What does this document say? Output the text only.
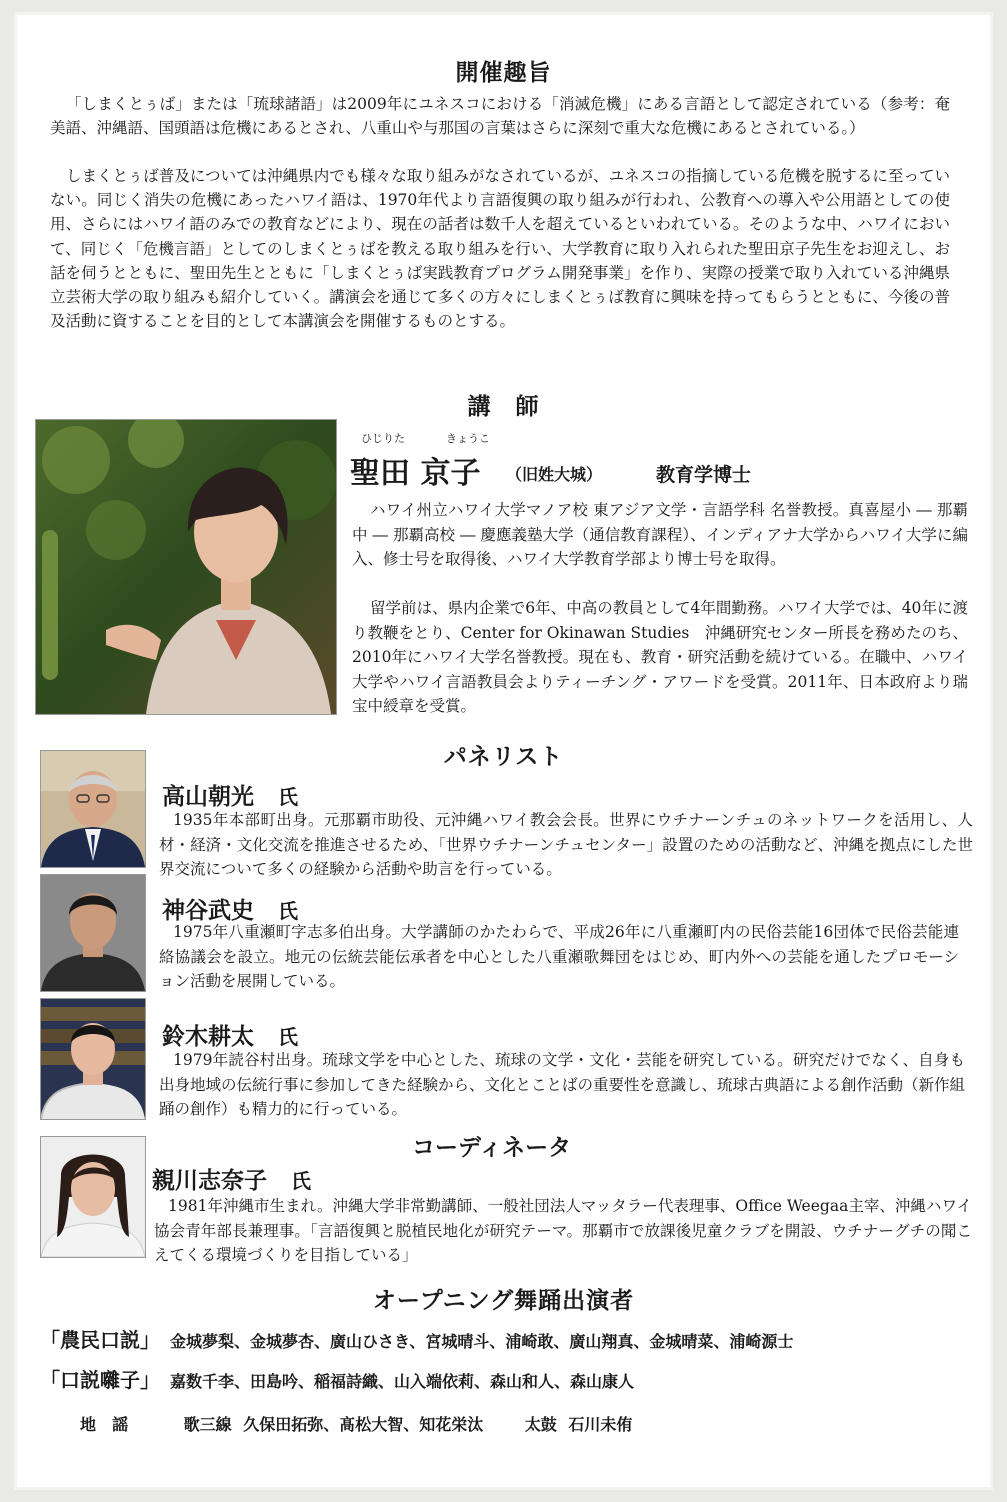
開催趣旨

「しまくとぅば」または「琉球諸語」は2009年にユネスコにおける「消滅危機」にある言語として認定されている（参考：奄美語、沖縄語、国頭語は危機にあるとされ、八重山や与那国の言葉はさらに深刻で重大な危機にあるとされている。）

しまくとぅば普及については沖縄県内でも様々な取り組みがなされているが、ユネスコの指摘している危機を脱するに至っていない。同じく消失の危機にあったハワイ語は、1970年代より言語復興の取り組みが行われ、公教育への導入や公用語としての使用、さらにはハワイ語のみでの教育などにより、現在の話者は数千人を超えているといわれている。そのような中、ハワイにおいて、同じく「危機言語」としてのしまくとぅばを教える取り組みを行い、大学教育に取り入れられた聖田京子先生をお迎えし、お話を伺うとともに、聖田先生とともに「しまくとぅば実践教育プログラム開発事業」を作り、実際の授業で取り入れている沖縄県立芸術大学の取り組みも紹介していく。講演会を通じて多くの方々にしまくとぅば教育に興味を持ってもらうとともに、今後の普及活動に資することを目的として本講演会を開催するものとする。

講　師
ひじりた	きょうこ
聖田 京子 （旧姓大城）	教育学博士

ハワイ州立ハワイ大学マノア校 東アジア文学・言語学科 名誉教授。真喜屋小 ― 那覇中 ― 那覇高校 ― 慶應義塾大学（通信教育課程）、インディアナ大学からハワイ大学に編入、修士号を取得後、ハワイ大学教育学部より博士号を取得。

留学前は、県内企業で6年、中高の教員として4年間勤務。ハワイ大学では、40年に渡り教鞭をとり、Center for Okinawan Studies　沖縄研究センター所長を務めたのち、2010年にハワイ大学名誉教授。現在も、教育・研究活動を続けている。在職中、ハワイ大学やハワイ言語教員会よりティーチング・アワードを受賞。2011年、日本政府より瑞宝中綬章を受賞。

パネリスト
高山朝光 氏

1935年本部町出身。元那覇市助役、元沖縄ハワイ教会会長。世界にウチナーンチュのネットワークを活用し、人材・経済・文化交流を推進させるため、「世界ウチナーンチュセンター」設置のための活動など、沖縄を拠点にした世界交流について多くの経験から活動や助言を行っている。

神谷武史 氏

1975年八重瀬町字志多伯出身。大学講師のかたわらで、平成26年に八重瀬町内の民俗芸能16団体で民俗芸能連絡協議会を設立。地元の伝統芸能伝承者を中心とした八重瀬歌舞団をはじめ、町内外への芸能を通したプロモーション活動を展開している。

鈴木耕太 氏

1979年読谷村出身。琉球文学を中心とした、琉球の文学・文化・芸能を研究している。研究だけでなく、自身も出身地域の伝統行事に参加してきた経験から、文化とことばの重要性を意識し、琉球古典語による創作活動（新作組踊の創作）も精力的に行っている。

コーディネータ
親川志奈子 氏

1981年沖縄市生まれ。沖縄大学非常勤講師、一般社団法人マッタラー代表理事、Office Weegaa主宰、沖縄ハワイ協会青年部長兼理事。「言語復興と脱植民地化が研究テーマ。那覇市で放課後児童クラブを開設、ウチナーグチの聞こえてくる環境づくりを目指している」

オープニング舞踊出演者
「農民口説」 金城夢梨、金城夢杏、廣山ひさき、宮城晴斗、浦崎敢、廣山翔真、金城晴菜、浦崎源士
「口説囃子」 嘉数千李、田島吟、稲福詩織、山入端依莉、森山和人、森山康人
地　謡	歌三線 久保田拓弥、髙松大智、知花栄汰	太鼓 石川未侑
